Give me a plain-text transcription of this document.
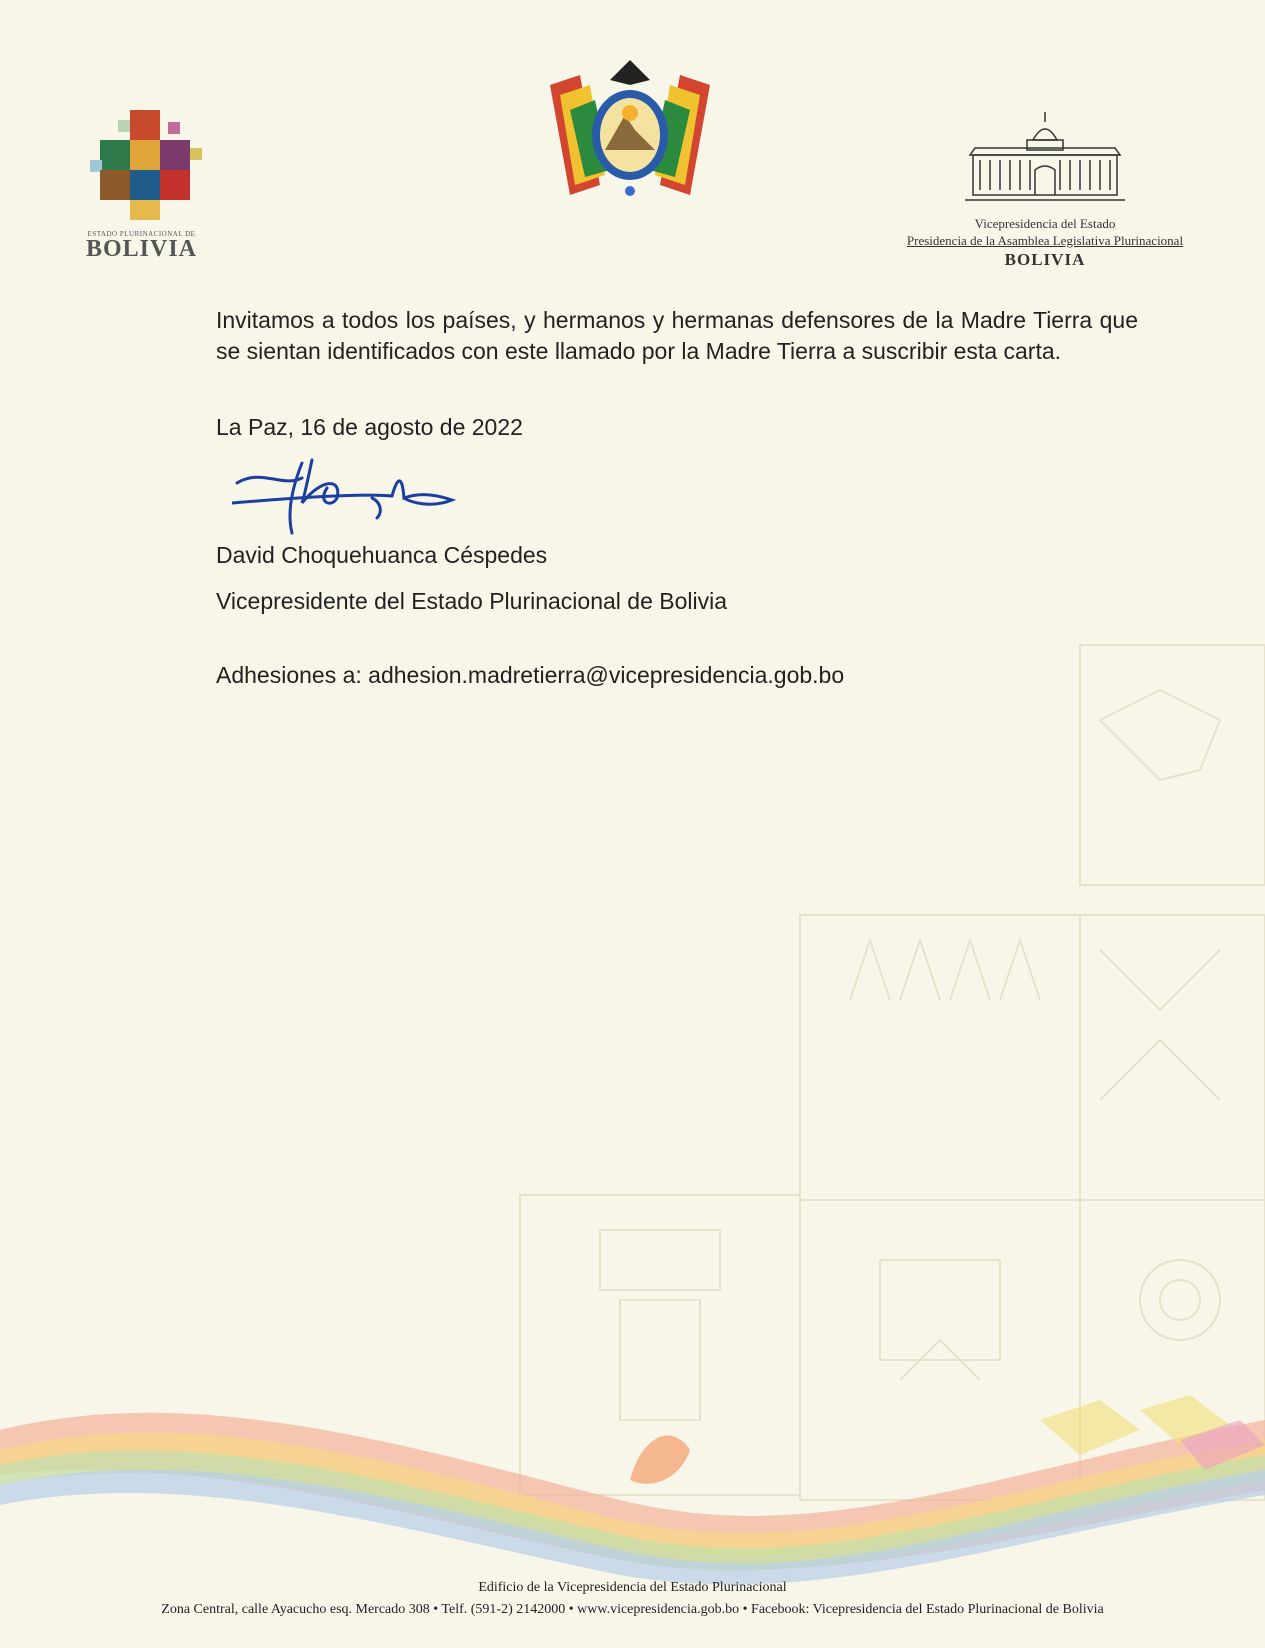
ESTADO PLURINACIONAL DE
BOLIVIA
Vicepresidencia del Estado
Presidencia de la Asamblea Legislativa Plurinacional
BOLIVIA
Invitamos a todos los países, y hermanos y hermanas defensores de la Madre Tierra que se sientan identificados con este llamado por la Madre Tierra a suscribir esta carta.
La Paz, 16 de agosto de 2022
David Choquehuanca Céspedes
Vicepresidente del Estado Plurinacional de Bolivia
Adhesiones a: adhesion.madretierra@vicepresidencia.gob.bo
Edificio de la Vicepresidencia del Estado Plurinacional
Zona Central, calle Ayacucho esq. Mercado 308 • Telf. (591-2) 2142000 • www.vicepresidencia.gob.bo • Facebook: Vicepresidencia del Estado Plurinacional de Bolivia
